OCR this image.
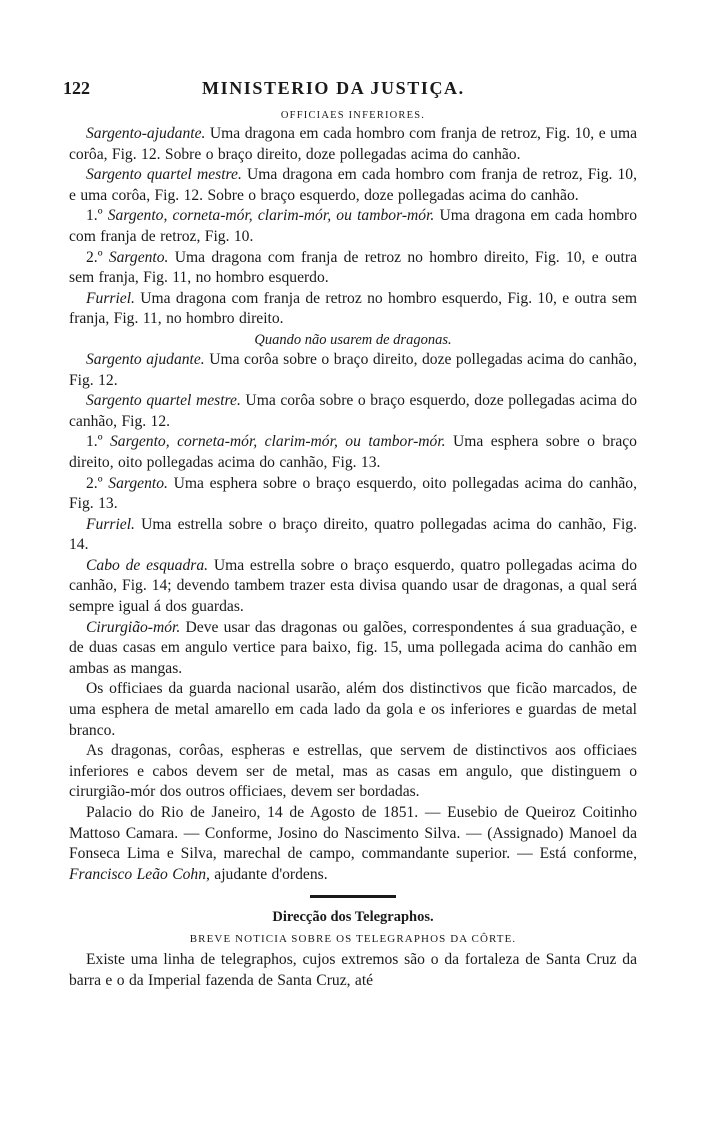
122	MINISTERIO DA JUSTIÇA.

OFFICIAES INFERIORES.

Sargento-ajudante. Uma dragona em cada hombro com franja de retroz, Fig. 10, e uma corôa, Fig. 12. Sobre o braço direito, doze pollegadas acima do canhão.

Sargento quartel mestre. Uma dragona em cada hombro com franja de retroz, Fig. 10, e uma corôa, Fig. 12. Sobre o braço esquerdo, doze pollegadas acima do canhão.

1.º Sargento, corneta-mór, clarim-mór, ou tambor-mór. Uma dragona em cada hombro com franja de retroz, Fig. 10.

2.º Sargento. Uma dragona com franja de retroz no hombro direito, Fig. 10, e outra sem franja, Fig. 11, no hombro esquerdo.

Furriel. Uma dragona com franja de retroz no hombro esquerdo, Fig. 10, e outra sem franja, Fig. 11, no hombro direito.

Quando não usarem de dragonas.

Sargento ajudante. Uma corôa sobre o braço direito, doze pollegadas acima do canhão, Fig. 12.

Sargento quartel mestre. Uma corôa sobre o braço esquerdo, doze pollegadas acima do canhão, Fig. 12.

1.º Sargento, corneta-mór, clarim-mór, ou tambor-mór. Uma esphera sobre o braço direito, oito pollegadas acima do canhão, Fig. 13.

2.º Sargento. Uma esphera sobre o braço esquerdo, oito pollegadas acima do canhão, Fig. 13.

Furriel. Uma estrella sobre o braço direito, quatro pollegadas acima do canhão, Fig. 14.

Cabo de esquadra. Uma estrella sobre o braço esquerdo, quatro pollegadas acima do canhão, Fig. 14; devendo tambem trazer esta divisa quando usar de dragonas, a qual será sempre igual á dos guardas.

Cirurgião-mór. Deve usar das dragonas ou galões, correspondentes á sua graduação, e de duas casas em angulo vertice para baixo, fig. 15, uma pollegada acima do canhão em ambas as mangas.

Os officiaes da guarda nacional usarão, além dos distinctivos que ficão marcados, de uma esphera de metal amarello em cada lado da gola e os inferiores e guardas de metal branco.

As dragonas, corôas, espheras e estrellas, que servem de distinctivos aos officiaes inferiores e cabos devem ser de metal, mas as casas em angulo, que distinguem o cirurgião-mór dos outros officiaes, devem ser bordadas.

Palacio do Rio de Janeiro, 14 de Agosto de 1851. — Eusebio de Queiroz Coitinho Mattoso Camara. — Conforme, Josino do Nascimento Silva. — (Assignado) Manoel da Fonseca Lima e Silva, marechal de campo, commandante superior. — Está conforme, Francisco Leão Cohn, ajudante d'ordens.

Direcção dos Telegraphos.

BREVE NOTICIA SOBRE OS TELEGRAPHOS DA CÔRTE.

Existe uma linha de telegraphos, cujos extremos são o da fortaleza de Santa Cruz da barra e o da Imperial fazenda de Santa Cruz, até
